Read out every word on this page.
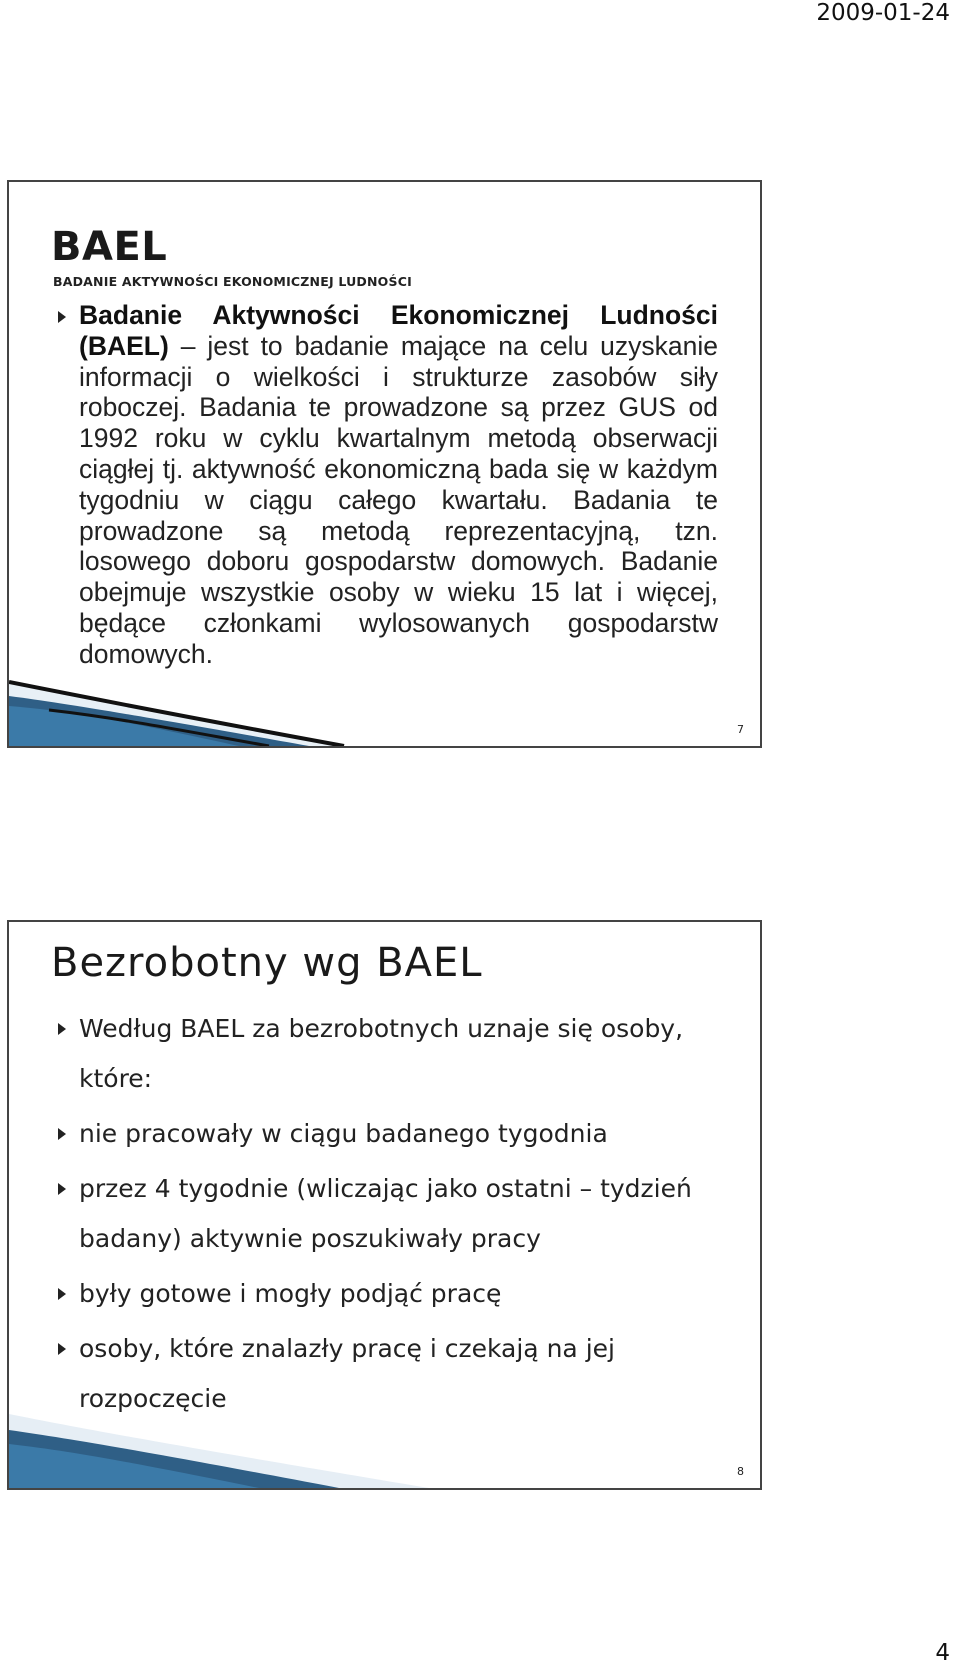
2009-01-24
BAEL
BADANIE AKTYWNOŚCI EKONOMICZNEJ LUDNOŚCI
Badanie Aktywności Ekonomicznej Ludności (BAEL) – jest to badanie mające na celu uzyskanie informacji o wielkości i strukturze zasobów siły roboczej. Badania te prowadzone są przez GUS od 1992 roku w cyklu kwartalnym metodą obserwacji ciągłej tj. aktywność ekonomiczną bada się w każdym tygodniu w ciągu całego kwartału. Badania te prowadzone są metodą reprezentacyjną, tzn. losowego doboru gospodarstw domowych. Badanie obejmuje wszystkie osoby w wieku 15 lat i więcej, będące członkami wylosowanych gospodarstw domowych.
7
Bezrobotny wg BAEL
Według BAEL za bezrobotnych uznaje się osoby, które:
nie pracowały w ciągu badanego tygodnia
przez 4 tygodnie (wliczając jako ostatni – tydzień badany) aktywnie poszukiwały pracy
były gotowe i mogły podjąć pracę
osoby, które znalazły pracę i czekają na jej rozpoczęcie
8
4
